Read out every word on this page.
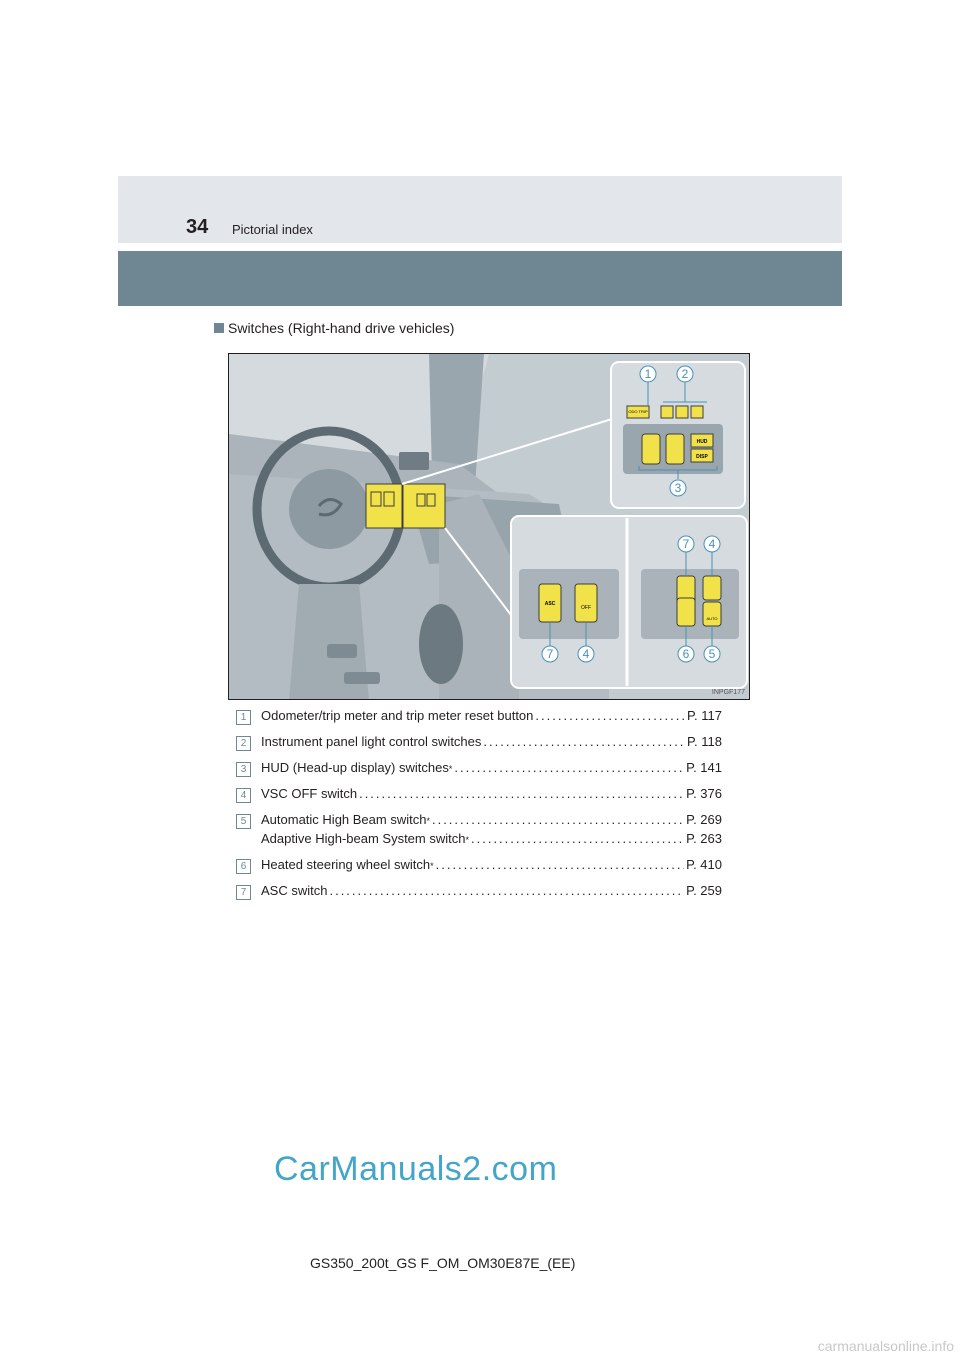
34 Pictorial index
Switches (Right-hand drive vehicles)
ODO TRIP
HUD
DISP
ASC
OFF
AUTO
1	2
3
4
5
6
7
4
7
INPGF177
1	Odometer/trip meter and trip meter reset button .....	P. 117
2	Instrument panel light control switches .....	P. 118
3	HUD (Head-up display) switches * .....	P. 141
4	VSC OFF switch .....	P. 376
5	Automatic High Beam switch * .....	P. 269
Adaptive High-beam System switch * .....	P. 263
6	Heated steering wheel switch * .....	P. 410
7	ASC switch .....	P. 259
CarManuals2.com
GS350_200t_GS F_OM_OM30E87E_(EE)
carmanualsonline.info
